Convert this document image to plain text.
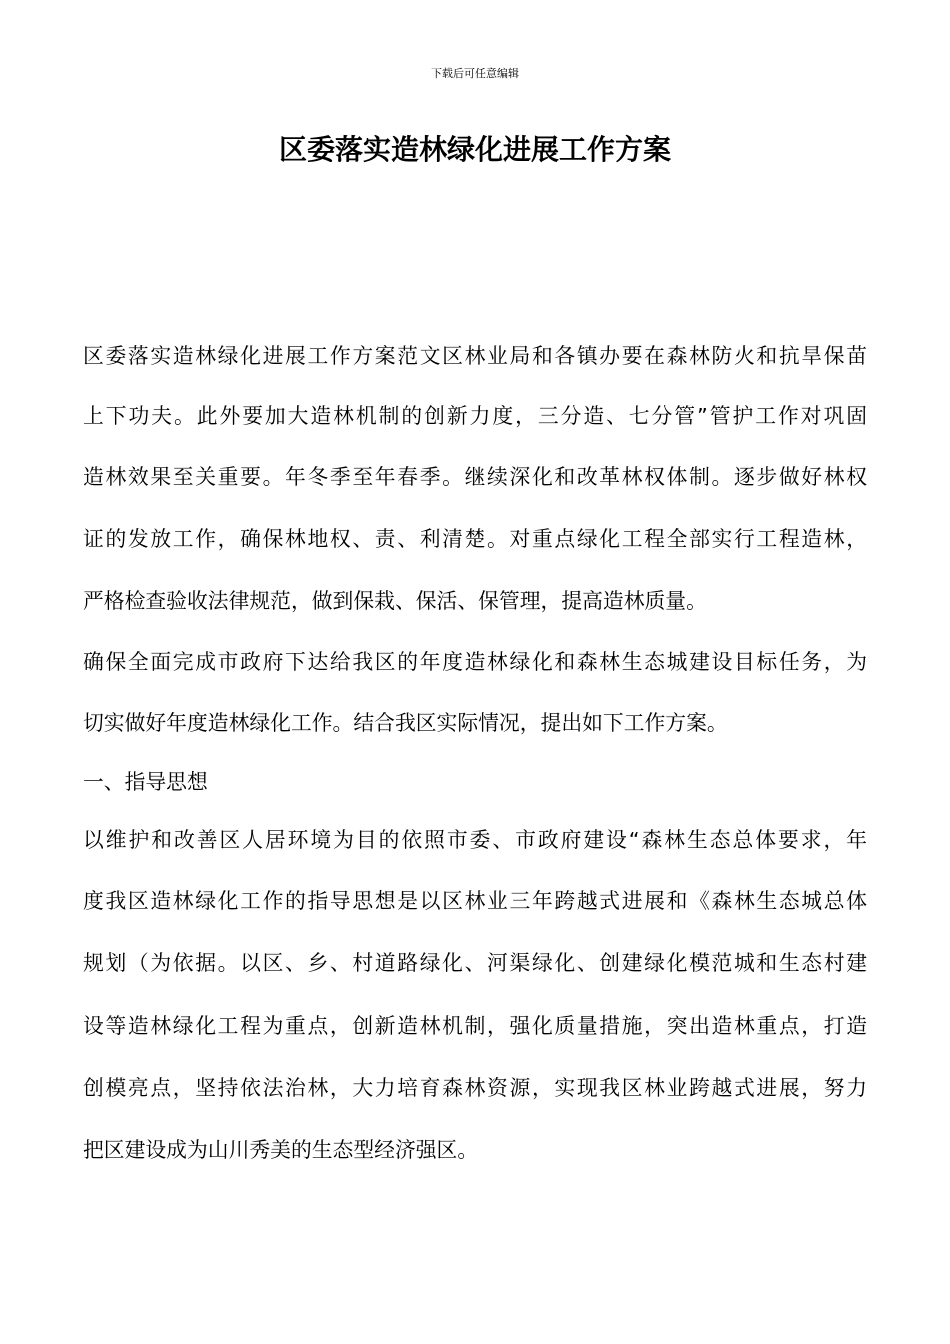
下载后可任意编辑
区委落实造林绿化进展工作方案
区委落实造林绿化进展工作方案范文区林业局和各镇办要在森林防火和抗旱保苗
上下功夫。此外要加大造林机制的创新力度，三分造、七分管”管护工作对巩固
造林效果至关重要。年冬季至年春季。继续深化和改革林权体制。逐步做好林权
证的发放工作，确保林地权、责、利清楚。对重点绿化工程全部实行工程造林，
严格检查验收法律规范，做到保栽、保活、保管理，提高造林质量。
确保全面完成市政府下达给我区的年度造林绿化和森林生态城建设目标任务，为
切实做好年度造林绿化工作。结合我区实际情况，提出如下工作方案。
一、指导思想
以维护和改善区人居环境为目的依照市委、市政府建设“森林生态总体要求，年
度我区造林绿化工作的指导思想是以区林业三年跨越式进展和《森林生态城总体
规划（为依据。以区、乡、村道路绿化、河渠绿化、创建绿化模范城和生态村建
设等造林绿化工程为重点，创新造林机制，强化质量措施，突出造林重点，打造
创模亮点，坚持依法治林，大力培育森林资源，实现我区林业跨越式进展，努力
把区建设成为山川秀美的生态型经济强区。
